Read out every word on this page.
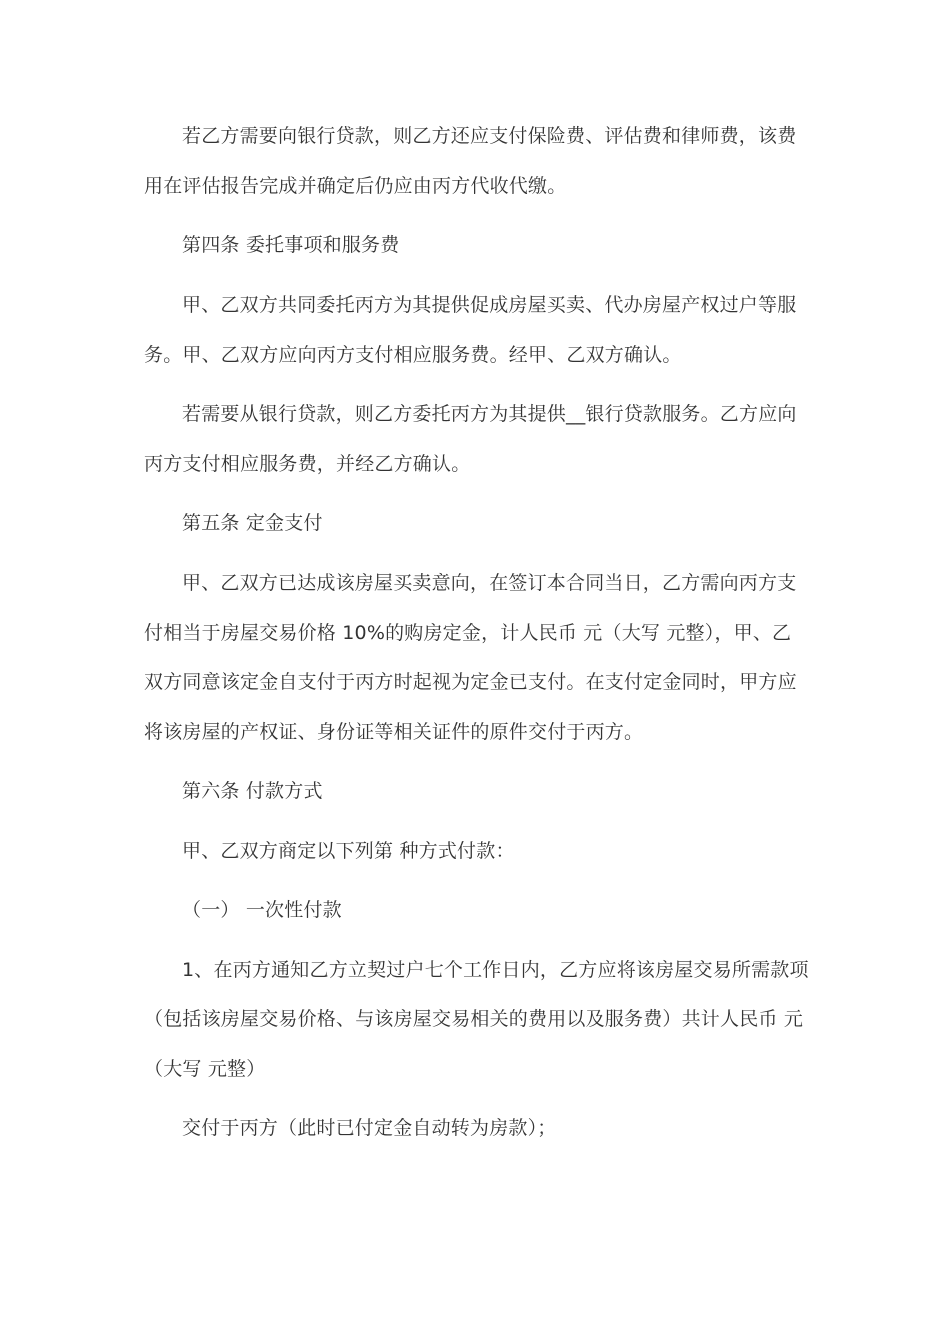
若乙方需要向银行贷款，则乙方还应支付保险费、评估费和律师费，该费

用在评估报告完成并确定后仍应由丙方代收代缴。

第四条 委托事项和服务费

甲、乙双方共同委托丙方为其提供促成房屋买卖、代办房屋产权过户等服

务。甲、乙双方应向丙方支付相应服务费。经甲、乙双方确认。

若需要从银行贷款，则乙方委托丙方为其提供__银行贷款服务。乙方应向

丙方支付相应服务费，并经乙方确认。

第五条 定金支付

甲、乙双方已达成该房屋买卖意向，在签订本合同当日，乙方需向丙方支

付相当于房屋交易价格 10%的购房定金，计人民币 元（大写 元整），甲、乙

双方同意该定金自支付于丙方时起视为定金已支付。在支付定金同时，甲方应

将该房屋的产权证、身份证等相关证件的原件交付于丙方。

第六条 付款方式

甲、乙双方商定以下列第 种方式付款：

（一） 一次性付款

1、在丙方通知乙方立契过户七个工作日内，乙方应将该房屋交易所需款项

（包括该房屋交易价格、与该房屋交易相关的费用以及服务费）共计人民币 元

（大写 元整）

交付于丙方（此时已付定金自动转为房款）；
